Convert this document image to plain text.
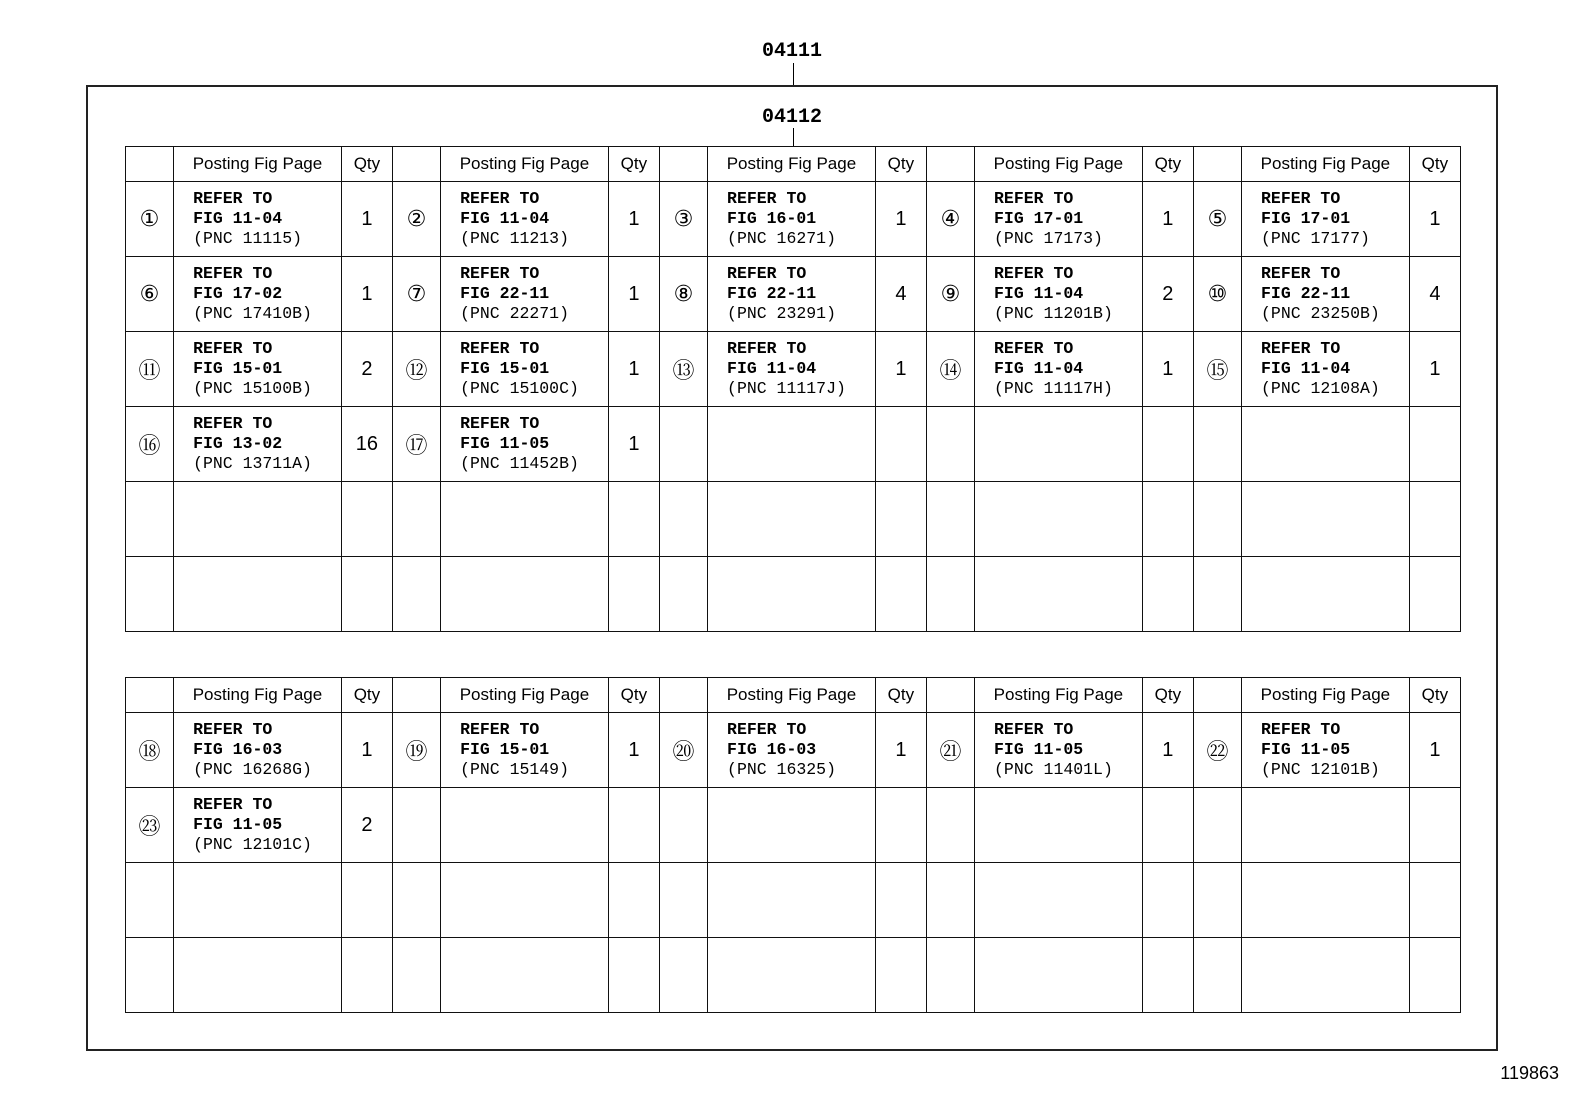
04111
04112
	Posting Fig Page	Qty		Posting Fig Page	Qty		Posting Fig Page	Qty		Posting Fig Page	Qty		Posting Fig Page	Qty
①	REFER TO
FIG 11-04
(PNC 11115)	1	②	REFER TO
FIG 11-04
(PNC 11213)	1	③	REFER TO
FIG 16-01
(PNC 16271)	1	④	REFER TO
FIG 17-01
(PNC 17173)	1	⑤	REFER TO
FIG 17-01
(PNC 17177)	1
⑥	REFER TO
FIG 17-02
(PNC 17410B)	1	⑦	REFER TO
FIG 22-11
(PNC 22271)	1	⑧	REFER TO
FIG 22-11
(PNC 23291)	4	⑨	REFER TO
FIG 11-04
(PNC 11201B)	2	⑩	REFER TO
FIG 22-11
(PNC 23250B)	4
⑪	REFER TO
FIG 15-01
(PNC 15100B)	2	⑫	REFER TO
FIG 15-01
(PNC 15100C)	1	⑬	REFER TO
FIG 11-04
(PNC 11117J)	1	⑭	REFER TO
FIG 11-04
(PNC 11117H)	1	⑮	REFER TO
FIG 11-04
(PNC 12108A)	1
⑯	REFER TO
FIG 13-02
(PNC 13711A)	16	⑰	REFER TO
FIG 11-05
(PNC 11452B)	1		

	Posting Fig Page	Qty		Posting Fig Page	Qty		Posting Fig Page	Qty		Posting Fig Page	Qty		Posting Fig Page	Qty
⑱	REFER TO
FIG 16-03
(PNC 16268G)	1	⑲	REFER TO
FIG 15-01
(PNC 15149)	1	⑳	REFER TO
FIG 16-03
(PNC 16325)	1	㉑	REFER TO
FIG 11-05
(PNC 11401L)	1	㉒	REFER TO
FIG 11-05
(PNC 12101B)	1
㉓	REFER TO
FIG 11-05
(PNC 12101C)	2		

119863
